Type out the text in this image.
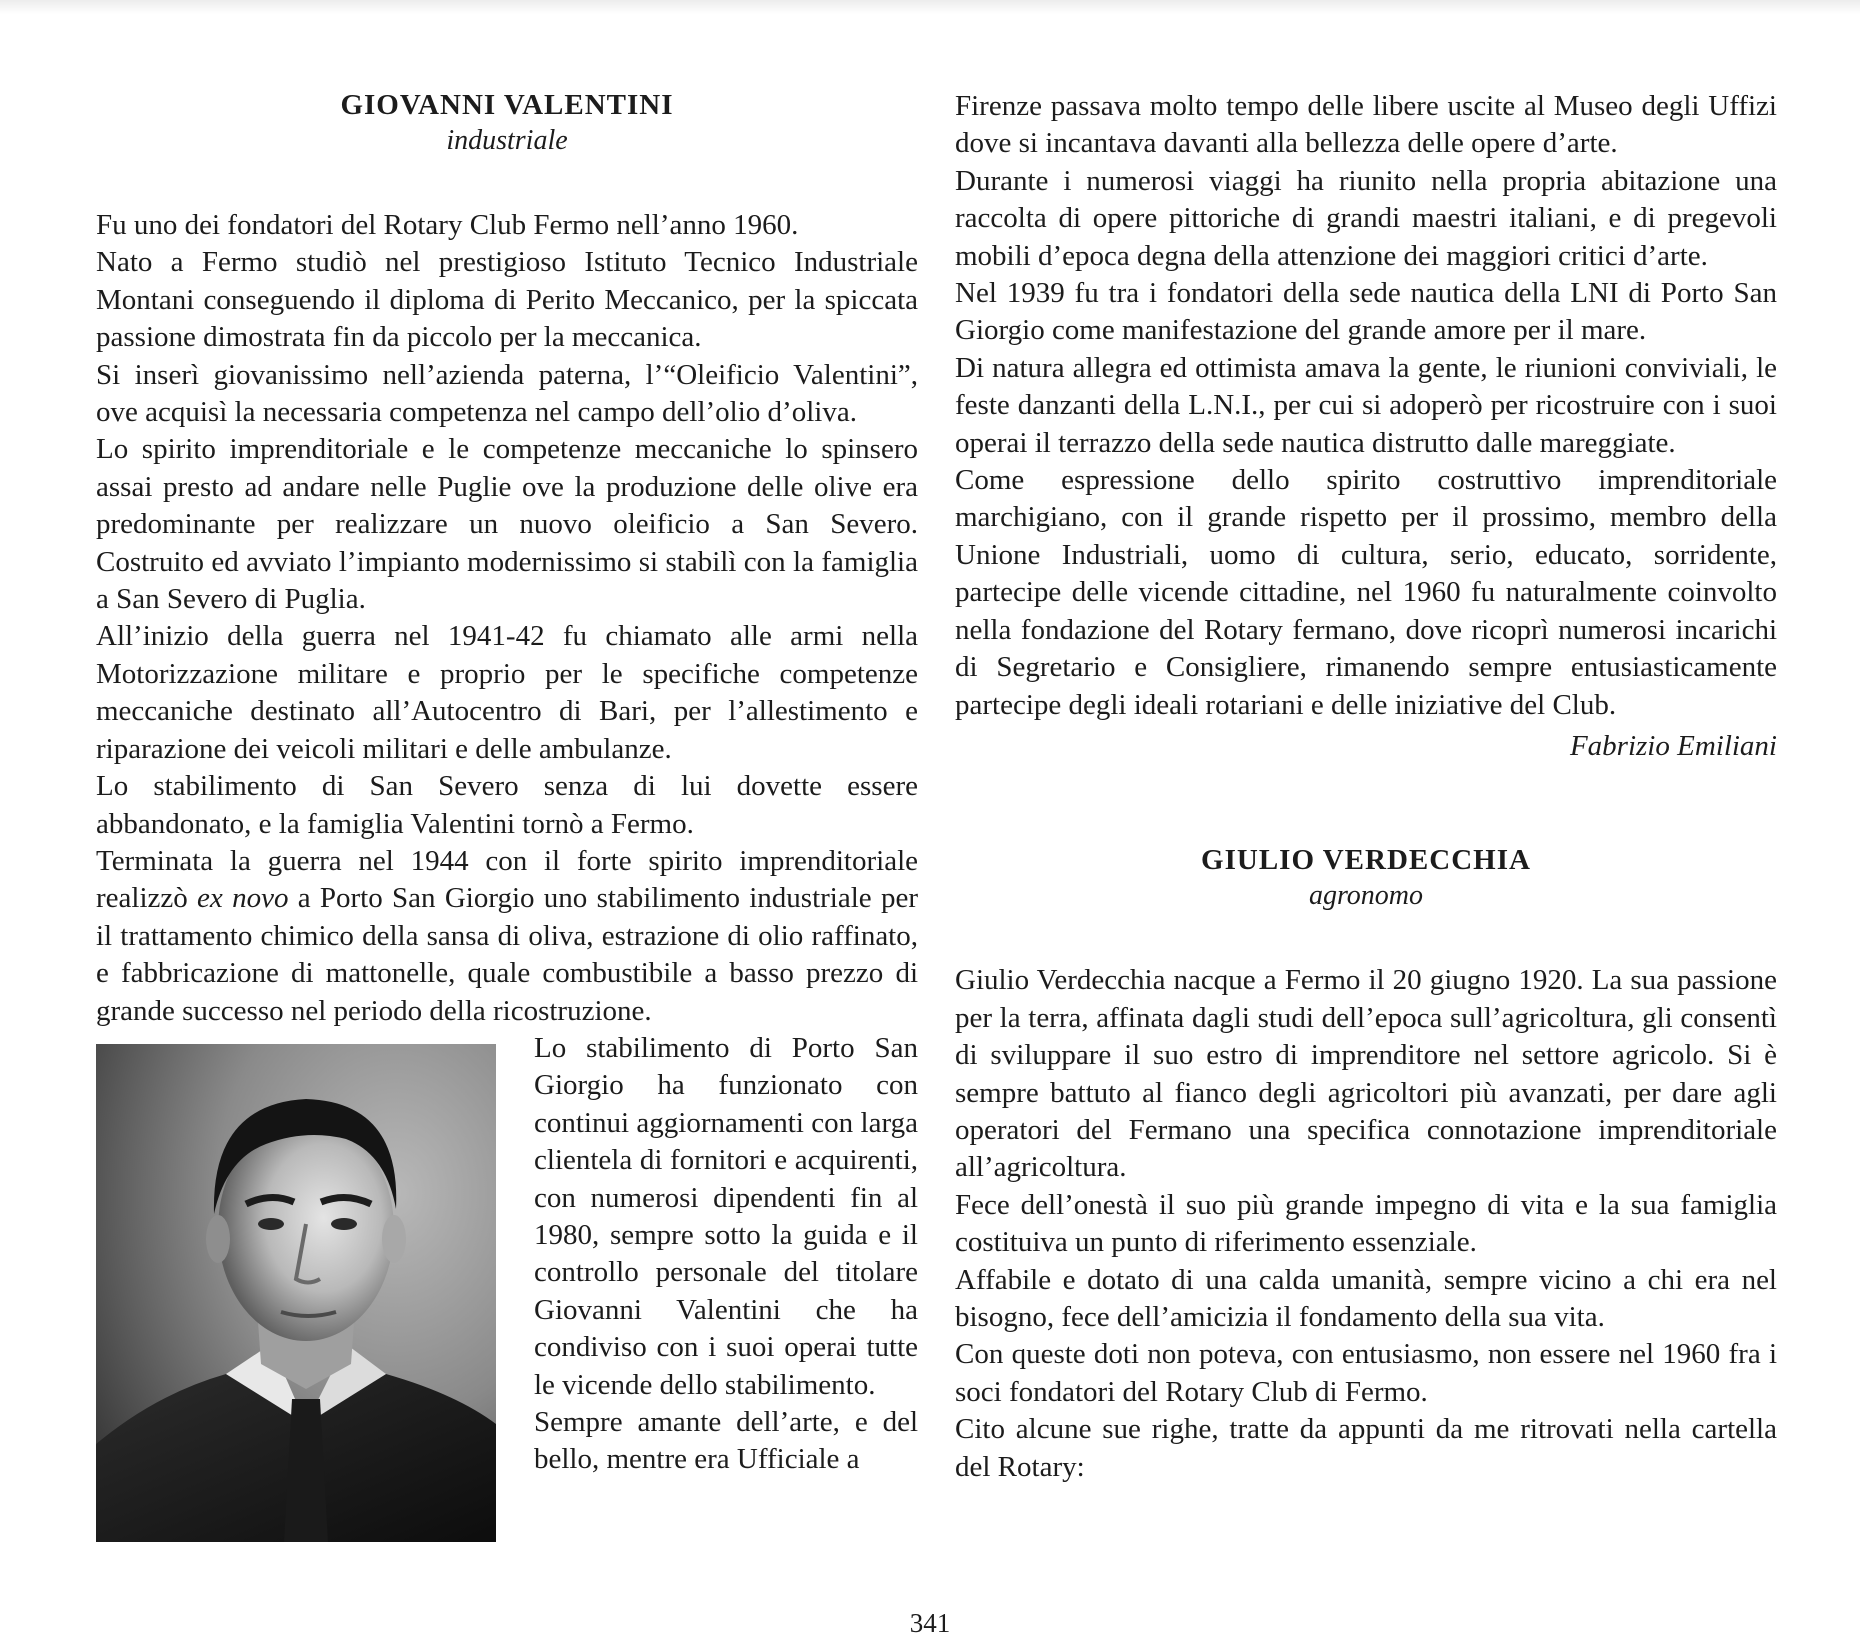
GIOVANNI VALENTINI
industriale

Fu uno dei fondatori del Rotary Club Fermo nell’anno 1960.

Nato a Fermo studiò nel prestigioso Istituto Tecnico Industriale Montani conseguendo il diploma di Perito Meccanico, per la spiccata passione dimostrata fin da piccolo per la meccanica.

Si inserì giovanissimo nell’azienda paterna, l’“Oleificio Valentini”, ove acquisì la necessaria competenza nel campo dell’olio d’oliva.

Lo spirito imprenditoriale e le competenze meccaniche lo spinsero assai presto ad andare nelle Puglie ove la produzione delle olive era predominante per realizzare un nuovo oleificio a San Severo. Costruito ed avviato l’impianto modernissimo si stabilì con la famiglia a San Severo di Puglia.

All’inizio della guerra nel 1941-42 fu chiamato alle armi nella Motorizzazione militare e proprio per le specifiche competenze meccaniche destinato all’Autocentro di Bari, per l’allestimento e riparazione dei veicoli militari e delle ambulanze.

Lo stabilimento di San Severo senza di lui dovette essere abbandonato, e la famiglia Valentini tornò a Fermo.

Terminata la guerra nel 1944 con il forte spirito imprenditoriale realizzò ex novo a Porto San Giorgio uno stabilimento industriale per il trattamento chimico della sansa di oliva, estrazione di olio raffinato, e fabbricazione di mattonelle, quale combustibile a basso prezzo di grande successo nel periodo della ricostruzione.

Lo stabilimento di Porto San Giorgio ha funzionato con continui aggiornamenti con larga clientela di fornitori e acquirenti, con numerosi dipendenti fin al 1980, sempre sotto la guida e il controllo personale del titolare Giovanni Valentini che ha condiviso con i suoi operai tutte le vicende dello stabilimento.

Sempre amante dell’arte, e del bello, mentre era Ufficiale a

Firenze passava molto tempo delle libere uscite al Museo degli Uffizi dove si incantava davanti alla bellezza delle opere d’arte.

Durante i numerosi viaggi ha riunito nella propria abitazione una raccolta di opere pittoriche di grandi maestri italiani, e di pregevoli mobili d’epoca degna della attenzione dei maggiori critici d’arte.

Nel 1939 fu tra i fondatori della sede nautica della LNI di Porto San Giorgio come manifestazione del grande amore per il mare.

Di natura allegra ed ottimista amava la gente, le riunioni conviviali, le feste danzanti della L.N.I., per cui si adoperò per ricostruire con i suoi operai il terrazzo della sede nautica distrutto dalle mareggiate.

Come espressione dello spirito costruttivo imprenditoriale marchigiano, con il grande rispetto per il prossimo, membro della Unione Industriali, uomo di cultura, serio, educato, sorridente, partecipe delle vicende cittadine, nel 1960 fu naturalmente coinvolto nella fondazione del Rotary fermano, dove ricoprì numerosi incarichi di Segretario e Consigliere, rimanendo sempre entusiasticamente partecipe degli ideali rotariani e delle iniziative del Club.

Fabrizio Emiliani

GIULIO VERDECCHIA
agronomo

Giulio Verdecchia nacque a Fermo il 20 giugno 1920. La sua passione per la terra, affinata dagli studi dell’epoca sull’agricoltura, gli consentì di sviluppare il suo estro di imprenditore nel settore agricolo. Si è sempre battuto al fianco degli agricoltori più avanzati, per dare agli operatori del Fermano una specifica connotazione imprenditoriale all’agricoltura.

Fece dell’onestà il suo più grande impegno di vita e la sua famiglia costituiva un punto di riferimento essenziale.

Affabile e dotato di una calda umanità, sempre vicino a chi era nel bisogno, fece dell’amicizia il fondamento della sua vita.

Con queste doti non poteva, con entusiasmo, non essere nel 1960 fra i soci fondatori del Rotary Club di Fermo.

Cito alcune sue righe, tratte da appunti da me ritrovati nella cartella del Rotary:

341
